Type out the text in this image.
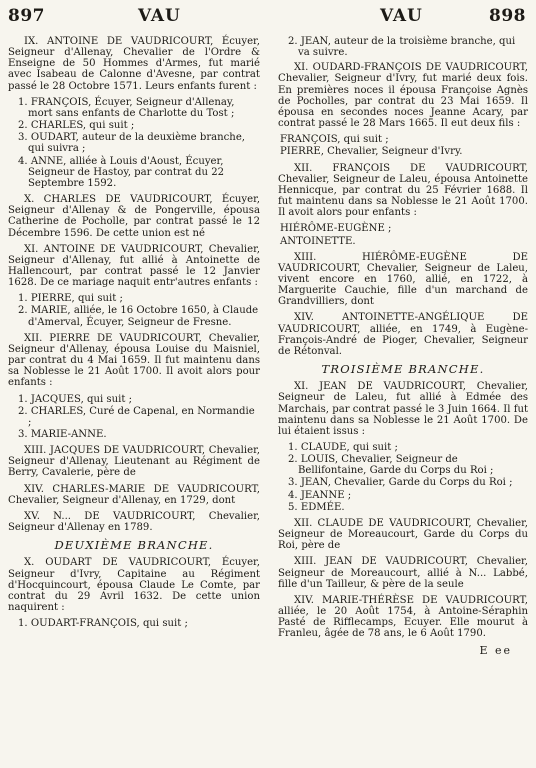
897	VAU	VAU	898

IX. ANTOINE DE VAUDRICOURT, Écuyer, Seigneur d'Allenay, Chevalier de l'Ordre & Enseigne de 50 Hommes d'Armes, fut marié avec Isabeau de Calonne d'Avesne, par contrat passé le 28 Octobre 1571. Leurs enfants furent :

1. FRANÇOIS, Écuyer, Seigneur d'Allenay, mort sans enfants de Charlotte du Tost ;
2. CHARLES, qui suit ;
3. OUDART, auteur de la deuxième branche, qui suivra ;
4. ANNE, alliée à Louis d'Aoust, Écuyer, Seigneur de Hastoy, par contrat du 22 Septembre 1592.

X. CHARLES DE VAUDRICOURT, Écuyer, Seigneur d'Allenay & de Pongerville, épousa Catherine de Pocholle, par contrat passé le 12 Décembre 1596. De cette union est né

XI. ANTOINE DE VAUDRICOURT, Chevalier, Seigneur d'Allenay, fut allié à Antoinette de Hallencourt, par contrat passé le 12 Janvier 1628. De ce mariage naquit entr'autres enfants :

1. PIERRE, qui suit ;
2. MARIE, alliée, le 16 Octobre 1650, à Claude d'Amerval, Écuyer, Seigneur de Fresne.

XII. PIERRE DE VAUDRICOURT, Chevalier, Seigneur d'Allenay, épousa Louise du Maisniel, par contrat du 4 Mai 1659. Il fut maintenu dans sa Noblesse le 21 Août 1700. Il avoit alors pour enfants :

1. JACQUES, qui suit ;
2. CHARLES, Curé de Capenal, en Normandie ;
3. MARIE-ANNE.

XIII. JACQUES DE VAUDRICOURT, Chevalier, Seigneur d'Allenay, Lieutenant au Régiment de Berry, Cavalerie, père de

XIV. CHARLES-MARIE DE VAUDRICOURT, Chevalier, Seigneur d'Allenay, en 1729, dont

XV. N... DE VAUDRICOURT, Chevalier, Seigneur d'Allenay en 1789.

DEUXIÈME BRANCHE.

X. OUDART DE VAUDRICOURT, Écuyer, Seigneur d'Ivry, Capitaine au Régiment d'Hocquincourt, épousa Claude Le Comte, par contrat du 29 Avril 1632. De cette union naquirent :

1. OUDART-FRANÇOIS, qui suit ;
2. JEAN, auteur de la troisième branche, qui va suivre.

XI. OUDARD-FRANÇOIS DE VAUDRICOURT, Chevalier, Seigneur d'Ivry, fut marié deux fois. En premières noces il épousa Françoise Agnès de Pocholles, par contrat du 23 Mai 1659. Il épousa en secondes noces Jeanne Acary, par contrat passé le 28 Mars 1665. Il eut deux fils :

FRANÇOIS, qui suit ;
PIERRE, Chevalier, Seigneur d'Ivry.

XII. FRANÇOIS DE VAUDRICOURT, Chevalier, Seigneur de Laleu, épousa Antoinette Hennicque, par contrat du 25 Février 1688. Il fut maintenu dans sa Noblesse le 21 Août 1700. Il avoit alors pour enfants :

HIÉRÔME-EUGÈNE ;
ANTOINETTE.

XIII. HIÉRÔME-EUGÈNE DE VAUDRICOURT, Chevalier, Seigneur de Laleu, vivent encore en 1760, allié, en 1722, à Marguerite Cauchie, fille d'un marchand de Grandvilliers, dont

XIV. ANTOINETTE-ANGÉLIQUE DE VAUDRICOURT, alliée, en 1749, à Eugène-François-André de Pioger, Chevalier, Seigneur de Rétonval.

TROISIÈME BRANCHE.

XI. JEAN DE VAUDRICOURT, Chevalier, Seigneur de Laleu, fut allié à Edmée des Marchais, par contrat passé le 3 Juin 1664. Il fut maintenu dans sa Noblesse le 21 Août 1700. De lui étaient issus :

1. CLAUDE, qui suit ;
2. LOUIS, Chevalier, Seigneur de Bellifontaine, Garde du Corps du Roi ;
3. JEAN, Chevalier, Garde du Corps du Roi ;
4. JEANNE ;
5. EDMÉE.

XII. CLAUDE DE VAUDRICOURT, Chevalier, Seigneur de Moreaucourt, Garde du Corps du Roi, père de

XIII. JEAN DE VAUDRICOURT, Chevalier, Seigneur de Moreaucourt, allié à N... Labbé, fille d'un Tailleur, & père de la seule

XIV. MARIE-THÉRÈSE DE VAUDRICOURT, alliée, le 20 Août 1754, à Antoine-Séraphin Pasté de Rifflecamps, Ecuyer. Elle mourut à Franleu, âgée de 78 ans, le 6 Août 1790.

E ee
